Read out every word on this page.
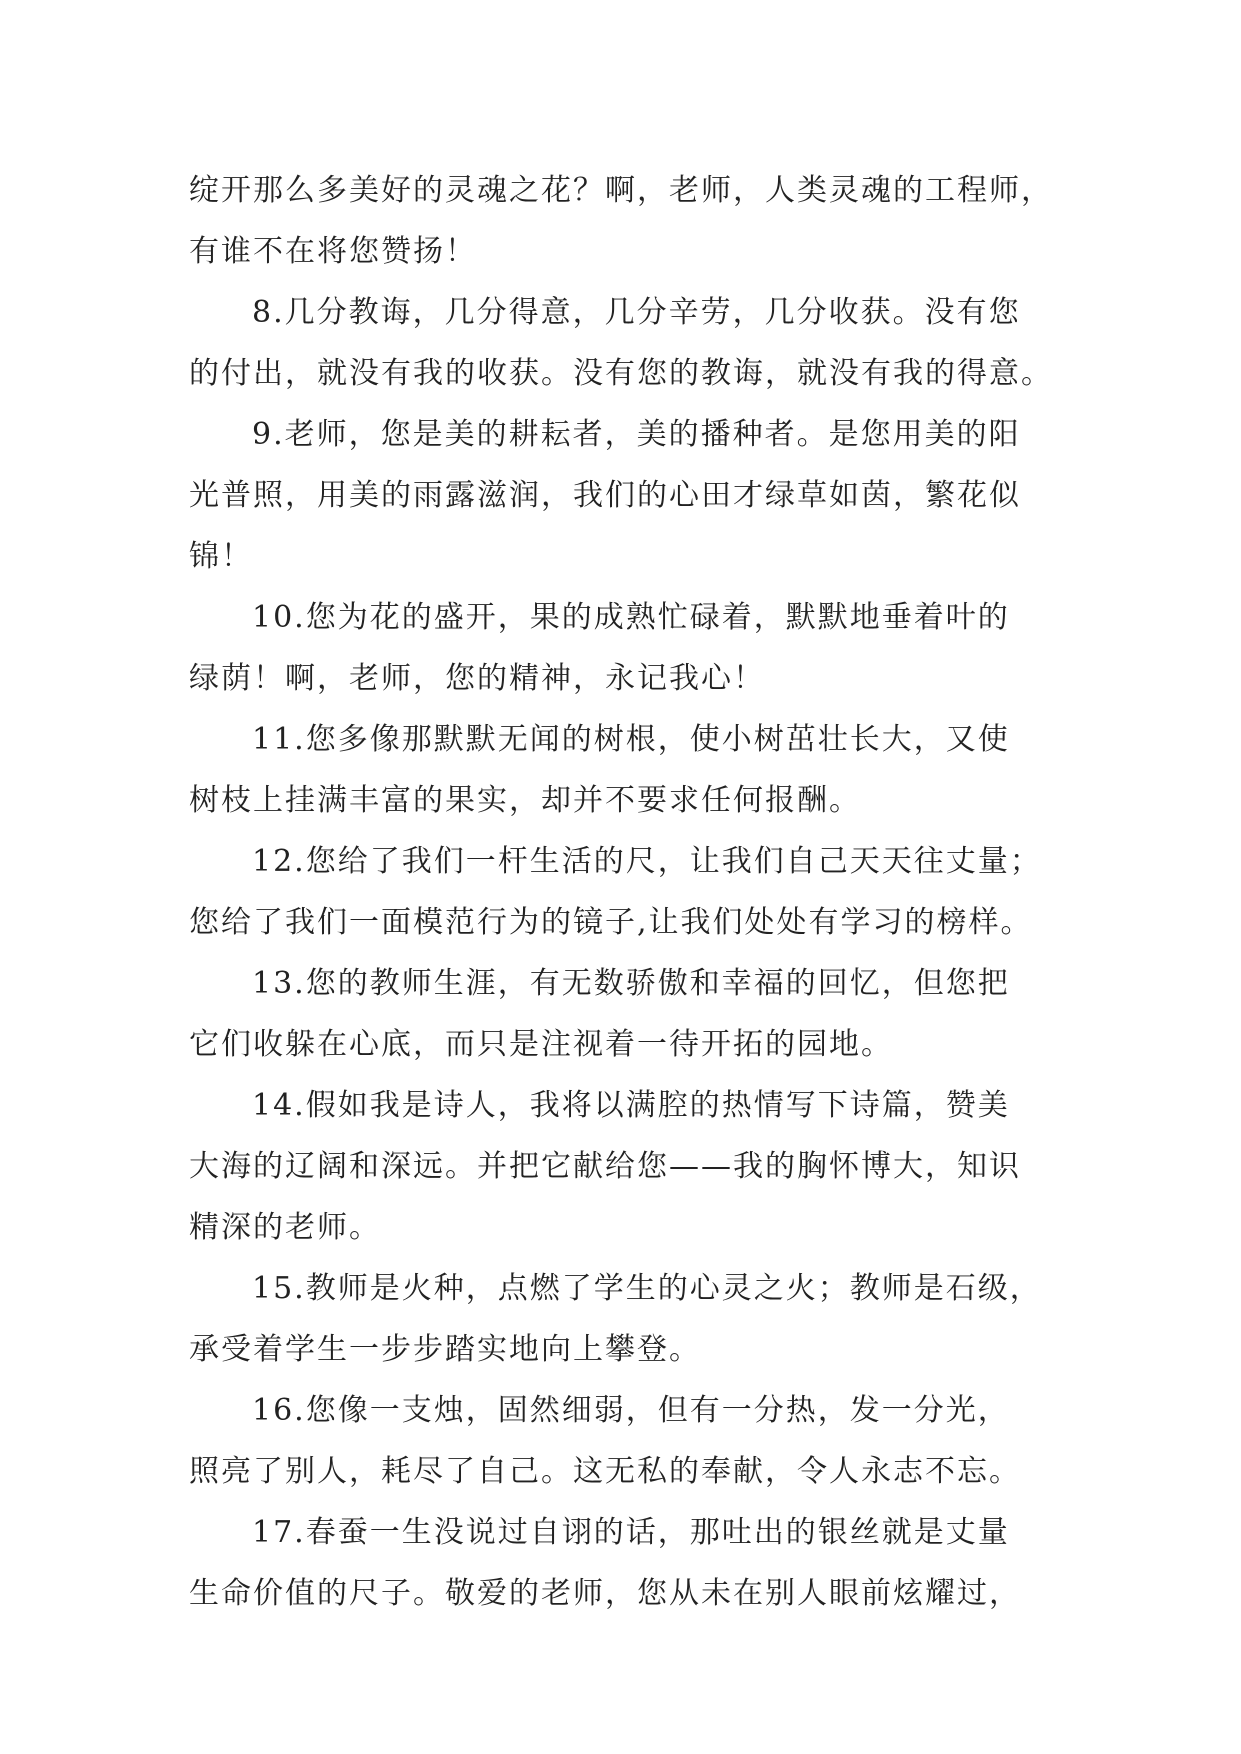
绽开那么多美好的灵魂之花？啊，老师，人类灵魂的工程师，
有谁不在将您赞扬！
8.几分教诲，几分得意，几分辛劳，几分收获。没有您
的付出，就没有我的收获。没有您的教诲，就没有我的得意。
9.老师，您是美的耕耘者，美的播种者。是您用美的阳
光普照，用美的雨露滋润，我们的心田才绿草如茵，繁花似
锦！
10.您为花的盛开，果的成熟忙碌着，默默地垂着叶的
绿荫！啊，老师，您的精神，永记我心！
11.您多像那默默无闻的树根，使小树茁壮长大，又使
树枝上挂满丰富的果实，却并不要求任何报酬。
12.您给了我们一杆生活的尺，让我们自己天天往丈量；
您给了我们一面模范行为的镜子,让我们处处有学习的榜样。
13.您的教师生涯，有无数骄傲和幸福的回忆，但您把
它们收躲在心底，而只是注视着一待开拓的园地。
14.假如我是诗人，我将以满腔的热情写下诗篇，赞美
大海的辽阔和深远。并把它献给您——我的胸怀博大，知识
精深的老师。
15.教师是火种，点燃了学生的心灵之火；教师是石级，
承受着学生一步步踏实地向上攀登。
16.您像一支烛，固然细弱，但有一分热，发一分光，
照亮了别人，耗尽了自己。这无私的奉献，令人永志不忘。
17.春蚕一生没说过自诩的话，那吐出的银丝就是丈量
生命价值的尺子。敬爱的老师，您从未在别人眼前炫耀过，
